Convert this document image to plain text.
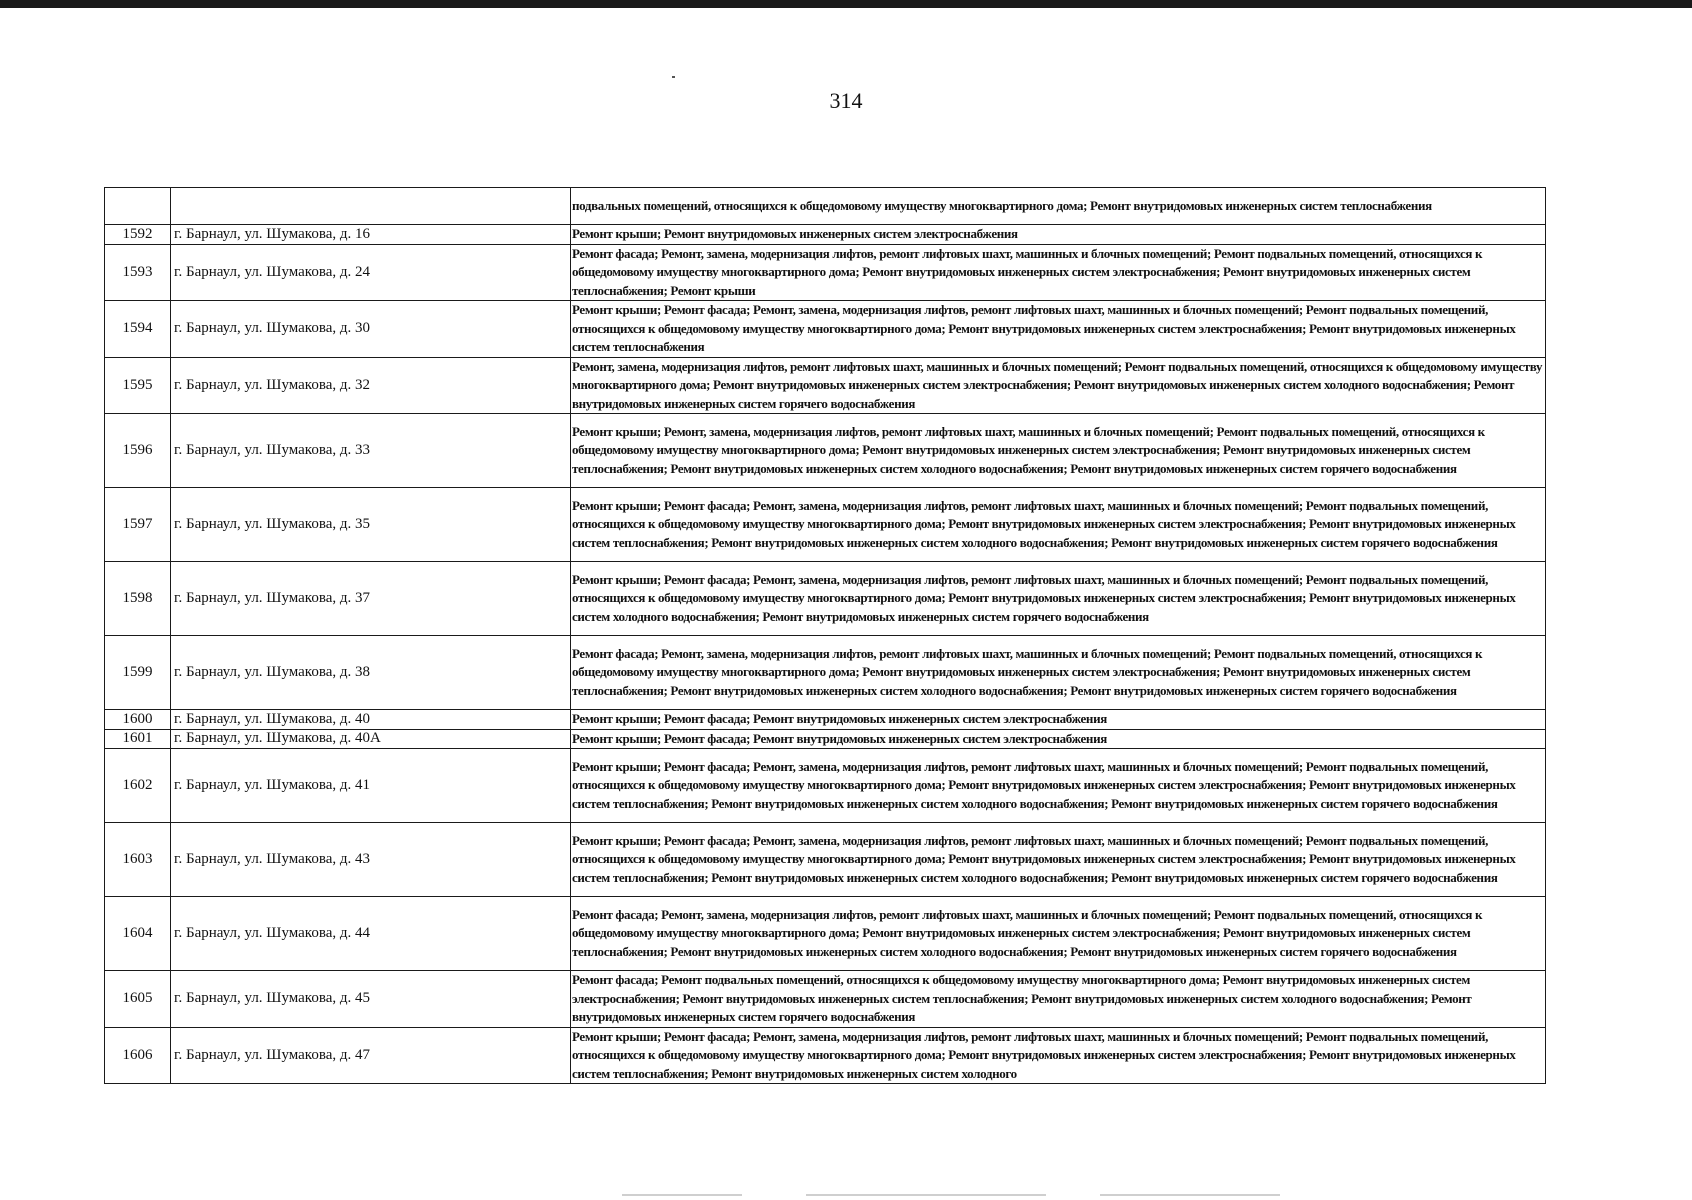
314
		подвальных помещений, относящихся к общедомовому имуществу многоквартирного дома; Ремонт внутридомовых инженерных систем теплоснабжения
1592	г. Барнаул, ул. Шумакова, д. 16	Ремонт крыши; Ремонт внутридомовых инженерных систем электроснабжения
1593	г. Барнаул, ул. Шумакова, д. 24	Ремонт фасада; Ремонт, замена, модернизация лифтов, ремонт лифтовых шахт, машинных и блочных помещений; Ремонт подвальных помещений, относящихся к общедомовому имуществу многоквартирного дома; Ремонт внутридомовых инженерных систем электроснабжения; Ремонт внутридомовых инженерных систем теплоснабжения; Ремонт крыши
1594	г. Барнаул, ул. Шумакова, д. 30	Ремонт крыши; Ремонт фасада; Ремонт, замена, модернизация лифтов, ремонт лифтовых шахт, машинных и блочных помещений; Ремонт подвальных помещений, относящихся к общедомовому имуществу многоквартирного дома; Ремонт внутридомовых инженерных систем электроснабжения; Ремонт внутридомовых инженерных систем теплоснабжения
1595	г. Барнаул, ул. Шумакова, д. 32	Ремонт, замена, модернизация лифтов, ремонт лифтовых шахт, машинных и блочных помещений; Ремонт подвальных помещений, относящихся к общедомовому имуществу многоквартирного дома; Ремонт внутридомовых инженерных систем электроснабжения; Ремонт внутридомовых инженерных систем холодного водоснабжения; Ремонт внутридомовых инженерных систем горячего водоснабжения
1596	г. Барнаул, ул. Шумакова, д. 33	Ремонт крыши; Ремонт, замена, модернизация лифтов, ремонт лифтовых шахт, машинных и блочных помещений; Ремонт подвальных помещений, относящихся к общедомовому имуществу многоквартирного дома; Ремонт внутридомовых инженерных систем электроснабжения; Ремонт внутридомовых инженерных систем теплоснабжения; Ремонт внутридомовых инженерных систем холодного водоснабжения; Ремонт внутридомовых инженерных систем горячего водоснабжения
1597	г. Барнаул, ул. Шумакова, д. 35	Ремонт крыши; Ремонт фасада; Ремонт, замена, модернизация лифтов, ремонт лифтовых шахт, машинных и блочных помещений; Ремонт подвальных помещений, относящихся к общедомовому имуществу многоквартирного дома; Ремонт внутридомовых инженерных систем электроснабжения; Ремонт внутридомовых инженерных систем теплоснабжения; Ремонт внутридомовых инженерных систем холодного водоснабжения; Ремонт внутридомовых инженерных систем горячего водоснабжения
1598	г. Барнаул, ул. Шумакова, д. 37	Ремонт крыши; Ремонт фасада; Ремонт, замена, модернизация лифтов, ремонт лифтовых шахт, машинных и блочных помещений; Ремонт подвальных помещений, относящихся к общедомовому имуществу многоквартирного дома; Ремонт внутридомовых инженерных систем электроснабжения; Ремонт внутридомовых инженерных систем холодного водоснабжения; Ремонт внутридомовых инженерных систем горячего водоснабжения
1599	г. Барнаул, ул. Шумакова, д. 38	Ремонт фасада; Ремонт, замена, модернизация лифтов, ремонт лифтовых шахт, машинных и блочных помещений; Ремонт подвальных помещений, относящихся к общедомовому имуществу многоквартирного дома; Ремонт внутридомовых инженерных систем электроснабжения; Ремонт внутридомовых инженерных систем теплоснабжения; Ремонт внутридомовых инженерных систем холодного водоснабжения; Ремонт внутридомовых инженерных систем горячего водоснабжения
1600	г. Барнаул, ул. Шумакова, д. 40	Ремонт крыши; Ремонт фасада; Ремонт внутридомовых инженерных систем электроснабжения
1601	г. Барнаул, ул. Шумакова, д. 40А	Ремонт крыши; Ремонт фасада; Ремонт внутридомовых инженерных систем электроснабжения
1602	г. Барнаул, ул. Шумакова, д. 41	Ремонт крыши; Ремонт фасада; Ремонт, замена, модернизация лифтов, ремонт лифтовых шахт, машинных и блочных помещений; Ремонт подвальных помещений, относящихся к общедомовому имуществу многоквартирного дома; Ремонт внутридомовых инженерных систем электроснабжения; Ремонт внутридомовых инженерных систем теплоснабжения; Ремонт внутридомовых инженерных систем холодного водоснабжения; Ремонт внутридомовых инженерных систем горячего водоснабжения
1603	г. Барнаул, ул. Шумакова, д. 43	Ремонт крыши; Ремонт фасада; Ремонт, замена, модернизация лифтов, ремонт лифтовых шахт, машинных и блочных помещений; Ремонт подвальных помещений, относящихся к общедомовому имуществу многоквартирного дома; Ремонт внутридомовых инженерных систем электроснабжения; Ремонт внутридомовых инженерных систем теплоснабжения; Ремонт внутридомовых инженерных систем холодного водоснабжения; Ремонт внутридомовых инженерных систем горячего водоснабжения
1604	г. Барнаул, ул. Шумакова, д. 44	Ремонт фасада; Ремонт, замена, модернизация лифтов, ремонт лифтовых шахт, машинных и блочных помещений; Ремонт подвальных помещений, относящихся к общедомовому имуществу многоквартирного дома; Ремонт внутридомовых инженерных систем электроснабжения; Ремонт внутридомовых инженерных систем теплоснабжения; Ремонт внутридомовых инженерных систем холодного водоснабжения; Ремонт внутридомовых инженерных систем горячего водоснабжения
1605	г. Барнаул, ул. Шумакова, д. 45	Ремонт фасада; Ремонт подвальных помещений, относящихся к общедомовому имуществу многоквартирного дома; Ремонт внутридомовых инженерных систем электроснабжения; Ремонт внутридомовых инженерных систем теплоснабжения; Ремонт внутридомовых инженерных систем холодного водоснабжения; Ремонт внутридомовых инженерных систем горячего водоснабжения
1606	г. Барнаул, ул. Шумакова, д. 47	Ремонт крыши; Ремонт фасада; Ремонт, замена, модернизация лифтов, ремонт лифтовых шахт, машинных и блочных помещений; Ремонт подвальных помещений, относящихся к общедомовому имуществу многоквартирного дома; Ремонт внутридомовых инженерных систем электроснабжения; Ремонт внутридомовых инженерных систем теплоснабжения; Ремонт внутридомовых инженерных систем холодного
